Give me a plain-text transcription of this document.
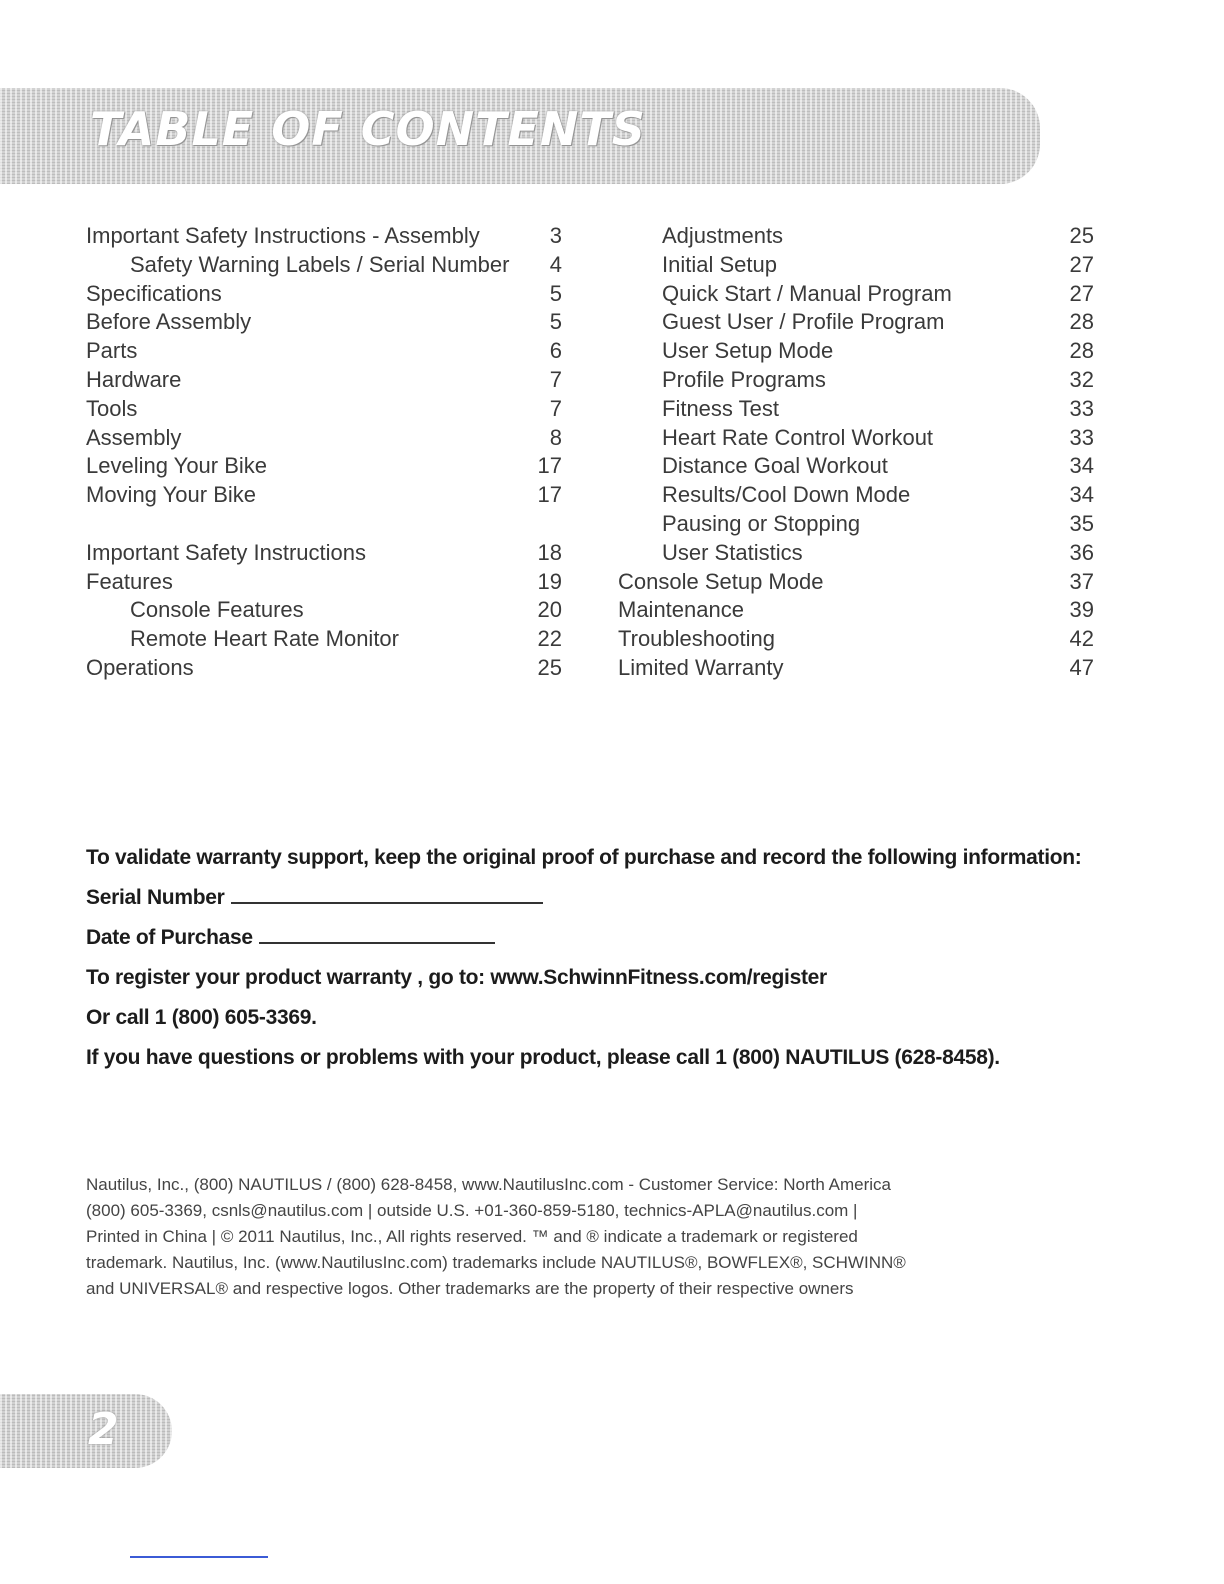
TABLE OF CONTENTS
Important Safety Instructions - Assembly	3
Safety Warning Labels / Serial Number 4
Specifications	5
Before Assembly	5
Parts	6
Hardware	7
Tools	7
Assembly	8
Leveling Your Bike	17
Moving Your Bike	17
Important Safety Instructions	18
Features	19
Console Features	20
Remote Heart Rate Monitor	22
Operations	25
Adjustments	25
Initial Setup	27
Quick Start / Manual Program	27
Guest User / Profile Program	28
User Setup Mode	28
Profile Programs	32
Fitness Test	33
Heart Rate Control Workout	33
Distance Goal Workout	34
Results/Cool Down Mode	34
Pausing or Stopping	35
User Statistics	36
Console Setup Mode	37
Maintenance	39
Troubleshooting	42
Limited Warranty	47
To validate warranty support, keep the original proof of purchase and record the following information:
Serial Number
Date of Purchase
To register your product warranty , go to: www.SchwinnFitness.com/register
Or call 1 (800) 605-3369.
If you have questions or problems with your product, please call 1 (800) NAUTILUS (628-8458).

Nautilus, Inc., (800) NAUTILUS / (800) 628-8458, www.NautilusInc.com - Customer Service: North America

(800) 605-3369, csnls@nautilus.com | outside U.S. +01-360-859-5180, technics-APLA@nautilus.com |

Printed in China | © 2011 Nautilus, Inc., All rights reserved. ™ and ® indicate a trademark or registered

trademark. Nautilus, Inc. (www.NautilusInc.com) trademarks include NAUTILUS®, BOWFLEX®, SCHWINN®

and UNIVERSAL® and respective logos. Other trademarks are the property of their respective owners

2
